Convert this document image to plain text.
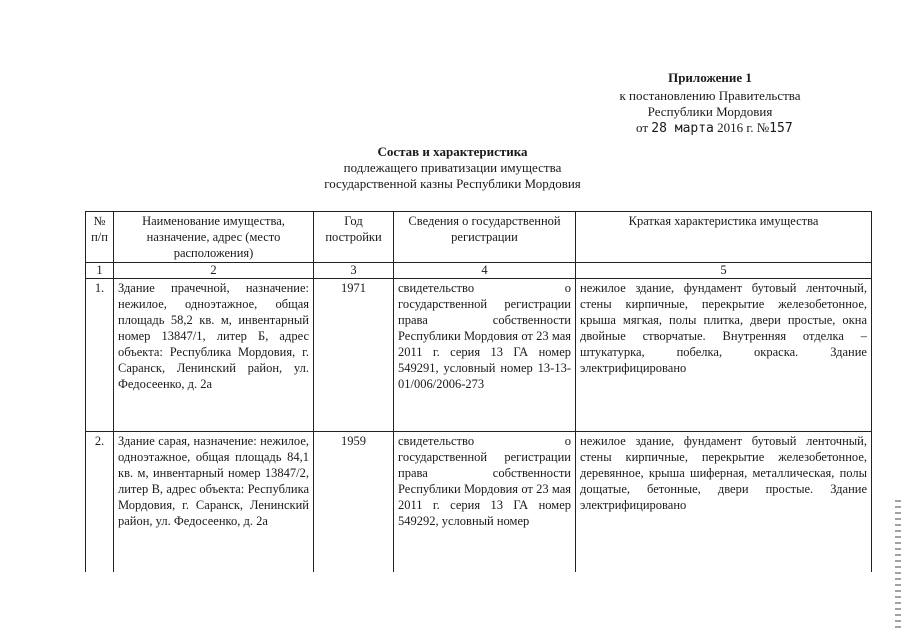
Приложение 1
к постановлению Правительства
Республики Мордовия
от 28 марта 2016 г. №157
Состав и характеристика
подлежащего приватизации имущества
государственной казны Республики Мордовия
№ п/п	Наименование имущества, назначение, адрес (место расположения)	Год постройки	Сведения о государственной регистрации	Краткая характеристика имущества
1	2	3	4	5
1.	Здание прачечной, назначение: нежилое, одноэтажное, общая площадь 58,2 кв. м, инвентарный номер 13847/1, литер Б, адрес объекта: Республика Мордовия, г. Саранск, Ленинский район, ул. Федосеенко, д. 2а	1971	свидетельство о государственной регистрации права собственности Республики Мордовия от 23 мая 2011 г. серия 13 ГА номер 549291, условный номер 13-13-01/006/2006-273	нежилое здание, фундамент бутовый ленточный, стены кирпичные, перекрытие железобетонное, крыша мягкая, полы плитка, двери простые, окна двойные створчатые. Внутренняя отделка – штукатурка, побелка, окраска. Здание электрифицировано
2.	Здание сарая, назначение: нежилое, одноэтажное, общая площадь 84,1 кв. м, инвентарный номер 13847/2, литер В, адрес объекта: Республика Мордовия, г. Саранск, Ленинский район, ул. Федосеенко, д. 2а	1959	свидетельство о государственной регистрации права собственности Республики Мордовия от 23 мая 2011 г. серия 13 ГА номер 549292, условный номер	нежилое здание, фундамент бутовый ленточный, стены кирпичные, перекрытие железобетонное, деревянное, крыша шиферная, металлическая, полы дощатые, бетонные, двери простые. Здание электрифицировано
